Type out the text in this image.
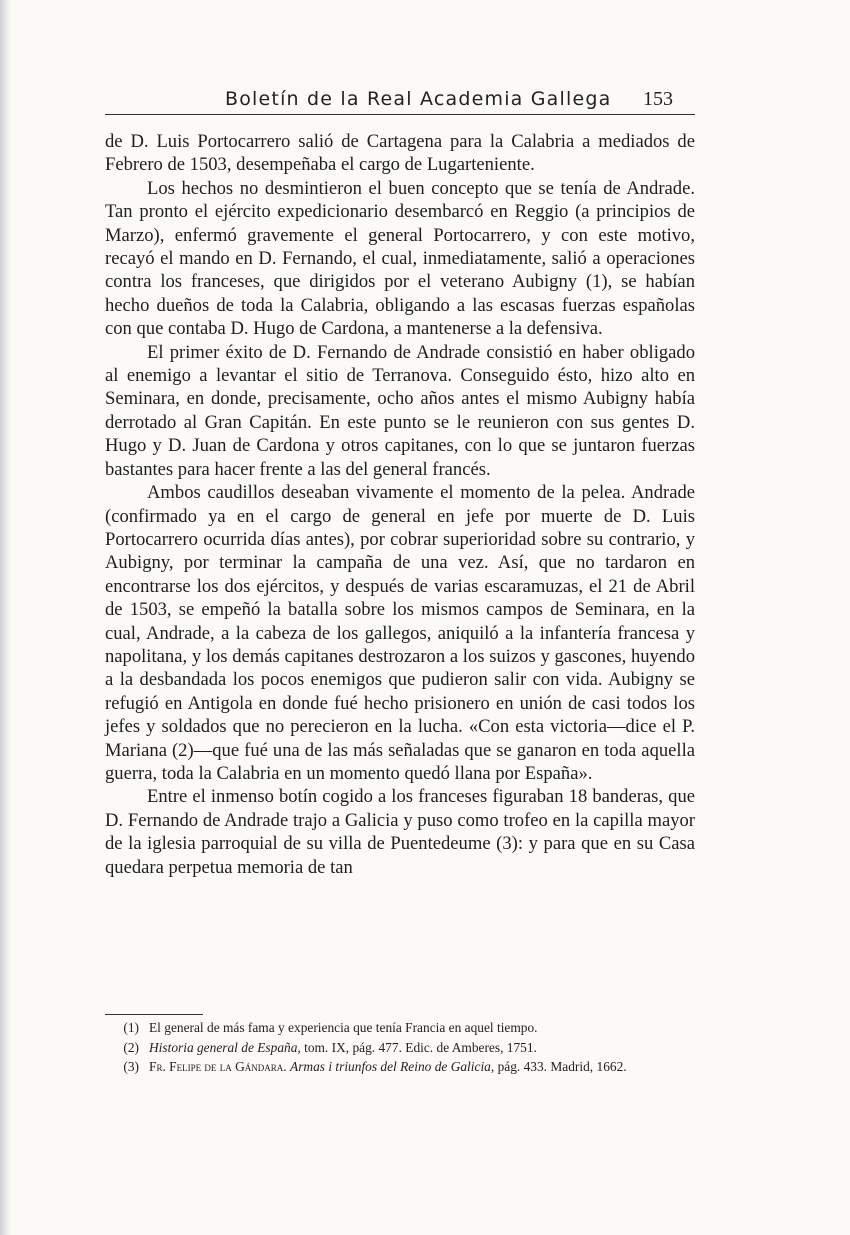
Boletín de la Real Academia Gallega 153

de D. Luis Portocarrero salió de Cartagena para la Calabria a mediados de Febrero de 1503, desempeñaba el cargo de Lugarteniente.

Los hechos no desmintieron el buen concepto que se tenía de Andrade. Tan pronto el ejército expedicionario desembarcó en Reggio (a principios de Marzo), enfermó gravemente el general Portocarrero, y con este motivo, recayó el mando en D. Fernando, el cual, inmediatamente, salió a operaciones contra los franceses, que dirigidos por el veterano Aubigny (1), se habían hecho dueños de toda la Calabria, obligando a las escasas fuerzas españolas con que contaba D. Hugo de Cardona, a mantenerse a la defensiva.

El primer éxito de D. Fernando de Andrade consistió en haber obligado al enemigo a levantar el sitio de Terranova. Conseguido ésto, hizo alto en Seminara, en donde, precisamente, ocho años antes el mismo Aubigny había derrotado al Gran Capitán. En este punto se le reunieron con sus gentes D. Hugo y D. Juan de Cardona y otros capitanes, con lo que se juntaron fuerzas bastantes para hacer frente a las del general francés.

Ambos caudillos deseaban vivamente el momento de la pelea. Andrade (confirmado ya en el cargo de general en jefe por muerte de D. Luis Portocarrero ocurrida días antes), por cobrar superioridad sobre su contrario, y Aubigny, por terminar la campaña de una vez. Así, que no tardaron en encontrarse los dos ejércitos, y después de varias escaramuzas, el 21 de Abril de 1503, se empeñó la batalla sobre los mismos campos de Seminara, en la cual, Andrade, a la cabeza de los gallegos, aniquiló a la infantería francesa y napolitana, y los demás capitanes destrozaron a los suizos y gascones, huyendo a la desbandada los pocos enemigos que pudieron salir con vida. Aubigny se refugió en Antigola en donde fué hecho prisionero en unión de casi todos los jefes y soldados que no perecieron en la lucha. «Con esta victoria—dice el P. Mariana (2)—que fué una de las más señaladas que se ganaron en toda aquella guerra, toda la Calabria en un momento quedó llana por España».

Entre el inmenso botín cogido a los franceses figuraban 18 banderas, que D. Fernando de Andrade trajo a Galicia y puso como trofeo en la capilla mayor de la iglesia parroquial de su villa de Puentedeume (3): y para que en su Casa quedara perpetua memoria de tan

(1) El general de más fama y experiencia que tenía Francia en aquel tiempo.

(2) Historia general de España, tom. IX, pág. 477. Edic. de Amberes, 1751.

(3) Fr. Felipe de la Gándara. Armas i triunfos del Reino de Galicia, pág. 433. Madrid, 1662.
